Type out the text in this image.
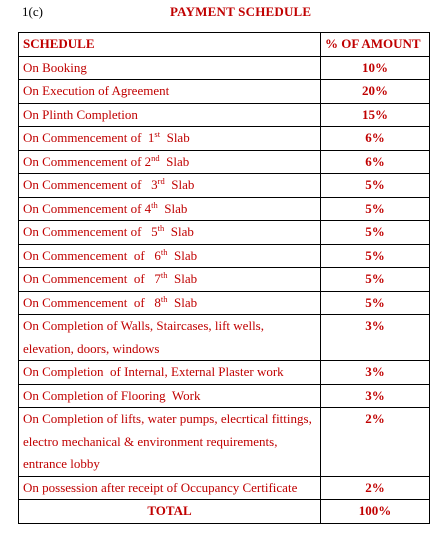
1(c)	PAYMENT SCHEDULE
SCHEDULE	% OF AMOUNT
On Booking	10%
On Execution of Agreement	20%
On Plinth Completion	15%
On Commencement of  1st  Slab	6%
On Commencement of 2nd  Slab	6%
On Commencement of   3rd  Slab	5%
On Commencement of 4th  Slab	5%
On Commencement of   5th  Slab	5%
On Commencement  of   6th  Slab	5%
On Commencement  of   7th  Slab	5%
On Commencement  of   8th  Slab	5%
On Completion of Walls, Staircases, lift wells,
elevation, doors, windows	3%
On Completion  of Internal, External Plaster work	3%
On Completion of Flooring  Work	3%
On Completion of lifts, water pumps, elecrtical fittings,
electro mechanical & environment requirements,
entrance lobby	2%
On possession after receipt of Occupancy Certificate	2%
TOTAL	100%
